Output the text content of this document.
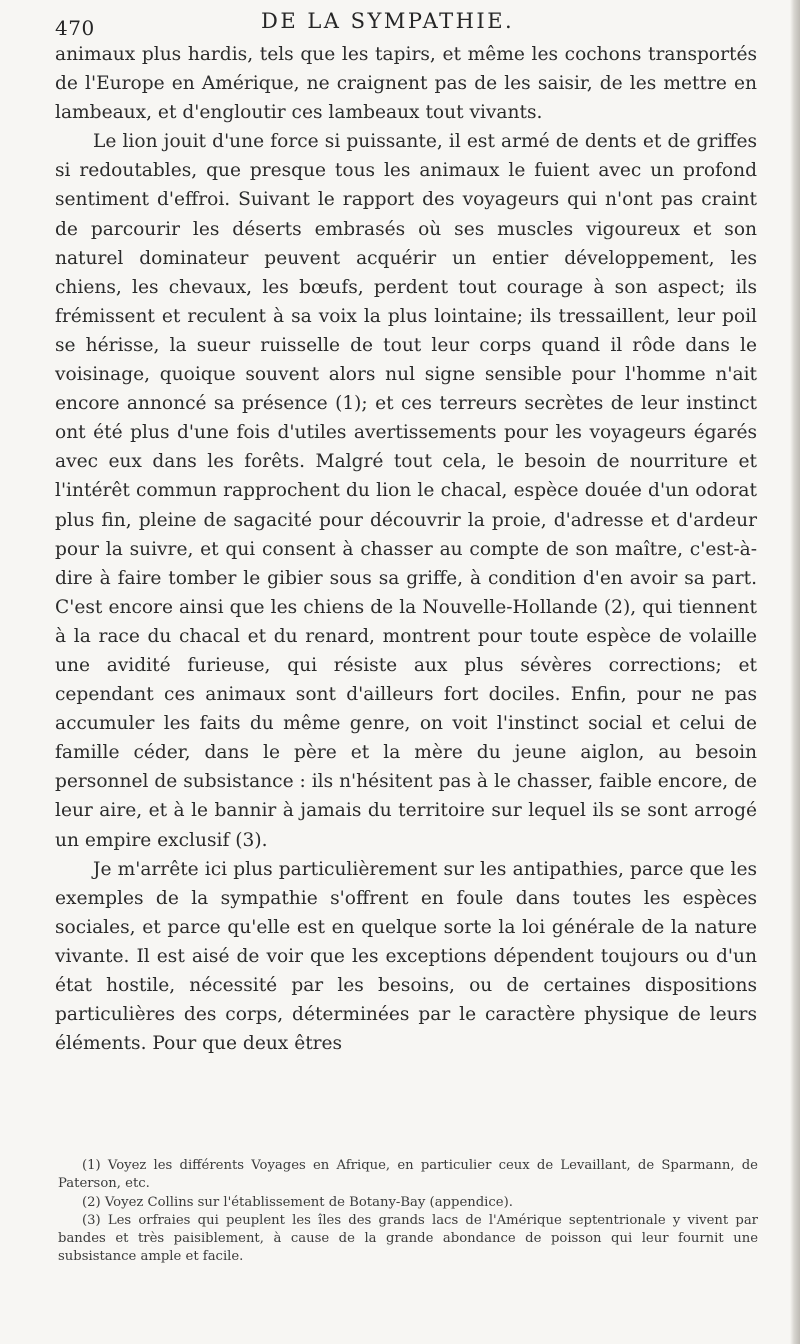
470	DE LA SYMPATHIE.

animaux plus hardis, tels que les tapirs, et même les cochons transportés de l'Europe en Amérique, ne craignent pas de les saisir, de les mettre en lambeaux, et d'engloutir ces lambeaux tout vivants.

Le lion jouit d'une force si puissante, il est armé de dents et de griffes si redoutables, que presque tous les animaux le fuient avec un profond sentiment d'effroi. Suivant le rapport des voyageurs qui n'ont pas craint de parcourir les déserts embrasés où ses muscles vigoureux et son naturel dominateur peuvent acquérir un entier développement, les chiens, les chevaux, les bœufs, perdent tout courage à son aspect; ils frémissent et reculent à sa voix la plus lointaine; ils tressaillent, leur poil se hérisse, la sueur ruisselle de tout leur corps quand il rôde dans le voisinage, quoique souvent alors nul signe sensible pour l'homme n'ait encore annoncé sa présence (1); et ces terreurs secrètes de leur instinct ont été plus d'une fois d'utiles avertissements pour les voyageurs égarés avec eux dans les forêts. Malgré tout cela, le besoin de nourriture et l'intérêt commun rapprochent du lion le chacal, espèce douée d'un odorat plus fin, pleine de sagacité pour découvrir la proie, d'adresse et d'ardeur pour la suivre, et qui consent à chasser au compte de son maître, c'est-à-dire à faire tomber le gibier sous sa griffe, à condition d'en avoir sa part. C'est encore ainsi que les chiens de la Nouvelle-Hollande (2), qui tiennent à la race du chacal et du renard, montrent pour toute espèce de volaille une avidité furieuse, qui résiste aux plus sévères corrections; et cependant ces animaux sont d'ailleurs fort dociles. Enfin, pour ne pas accumuler les faits du même genre, on voit l'instinct social et celui de famille céder, dans le père et la mère du jeune aiglon, au besoin personnel de subsistance : ils n'hésitent pas à le chasser, faible encore, de leur aire, et à le bannir à jamais du territoire sur lequel ils se sont arrogé un empire exclusif (3).

Je m'arrête ici plus particulièrement sur les antipathies, parce que les exemples de la sympathie s'offrent en foule dans toutes les espèces sociales, et parce qu'elle est en quelque sorte la loi générale de la nature vivante. Il est aisé de voir que les exceptions dépendent toujours ou d'un état hostile, nécessité par les besoins, ou de certaines dispositions particulières des corps, déterminées par le caractère physique de leurs éléments. Pour que deux êtres

(1) Voyez les différents Voyages en Afrique, en particulier ceux de Levaillant, de Sparmann, de Paterson, etc.

(2) Voyez Collins sur l'établissement de Botany-Bay (appendice).

(3) Les orfraies qui peuplent les îles des grands lacs de l'Amérique septentrionale y vivent par bandes et très paisiblement, à cause de la grande abondance de poisson qui leur fournit une subsistance ample et facile.
